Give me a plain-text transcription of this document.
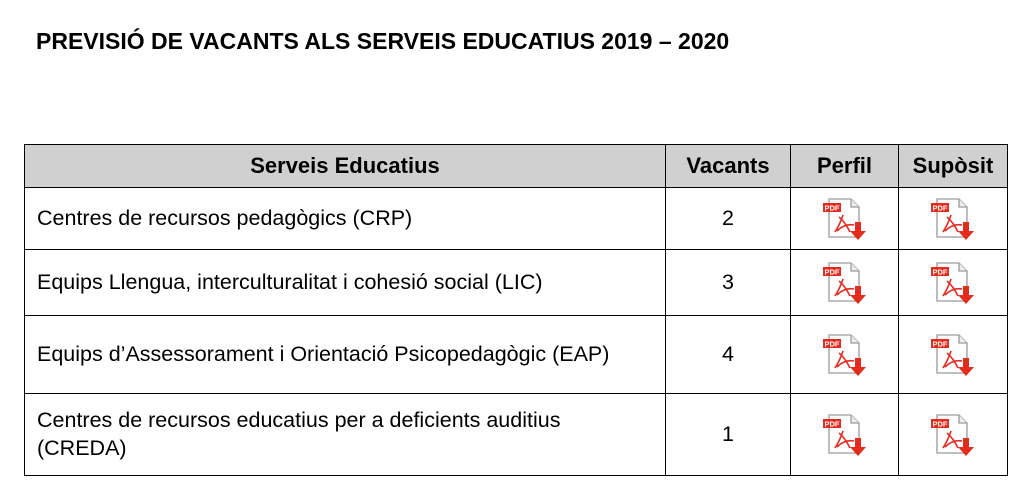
PREVISIÓ DE VACANTS ALS SERVEIS EDUCATIUS 2019 – 2020
Serveis Educatius	Vacants	Perfil	Supòsit
Centres de recursos pedagògics (CRP)	2	PDF	PDF

Equips Llengua, interculturalitat i cohesió social (LIC)	3	PDF	PDF

Equips d’Assessorament i Orientació Psicopedagògic (EAP)	4	PDF	PDF

Centres de recursos educatius per a deficients auditius (CREDA)	1	PDF	PDF
